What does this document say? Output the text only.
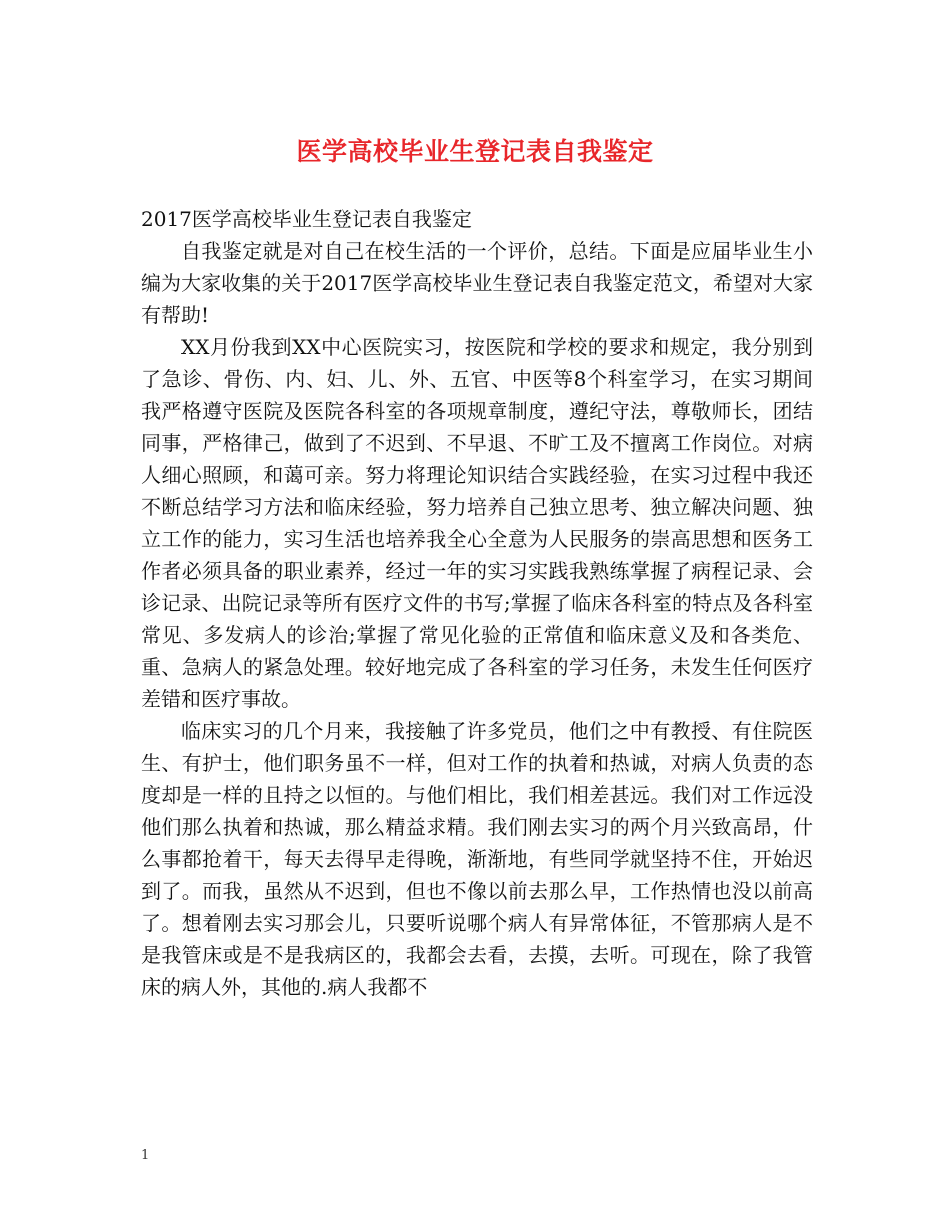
医学高校毕业生登记表自我鉴定

2017医学高校毕业生登记表自我鉴定

自我鉴定就是对自己在校生活的一个评价，总结。下面是应届毕业生小编为大家收集的关于2017医学高校毕业生登记表自我鉴定范文，希望对大家有帮助!

XX月份我到XX中心医院实习，按医院和学校的要求和规定，我分别到了急诊、骨伤、内、妇、儿、外、五官、中医等8个科室学习，在实习期间我严格遵守医院及医院各科室的各项规章制度，遵纪守法，尊敬师长，团结同事，严格律己，做到了不迟到、不早退、不旷工及不擅离工作岗位。对病人细心照顾，和蔼可亲。努力将理论知识结合实践经验，在实习过程中我还不断总结学习方法和临床经验，努力培养自己独立思考、独立解决问题、独立工作的能力，实习生活也培养我全心全意为人民服务的崇高思想和医务工作者必须具备的职业素养，经过一年的实习实践我熟练掌握了病程记录、会诊记录、出院记录等所有医疗文件的书写;掌握了临床各科室的特点及各科室常见、多发病人的诊治;掌握了常见化验的正常值和临床意义及和各类危、重、急病人的紧急处理。较好地完成了各科室的学习任务，未发生任何医疗差错和医疗事故。

临床实习的几个月来，我接触了许多党员，他们之中有教授、有住院医生、有护士，他们职务虽不一样，但对工作的执着和热诚，对病人负责的态度却是一样的且持之以恒的。与他们相比，我们相差甚远。我们对工作远没他们那么执着和热诚，那么精益求精。我们刚去实习的两个月兴致高昂，什么事都抢着干，每天去得早走得晚，渐渐地，有些同学就坚持不住，开始迟到了。而我，虽然从不迟到，但也不像以前去那么早，工作热情也没以前高了。想着刚去实习那会儿，只要听说哪个病人有异常体征，不管那病人是不是我管床或是不是我病区的，我都会去看，去摸，去听。可现在，除了我管床的病人外，其他的.病人我都不

1
